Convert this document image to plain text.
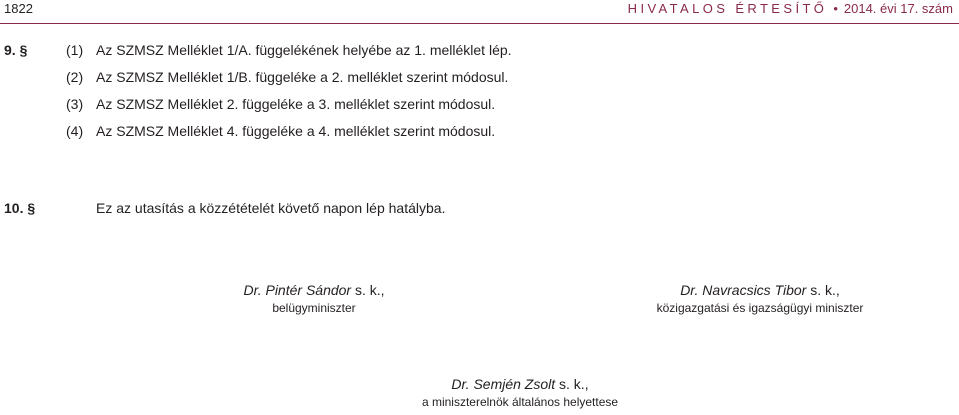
1822	HIVATALOS ÉRTESÍTŐ • 2014. évi 17. szám
9. §	(1) Az SZMSZ Melléklet 1/A. függelékének helyébe az 1. melléklet lép.
(2) Az SZMSZ Melléklet 1/B. függeléke a 2. melléklet szerint módosul.
(3) Az SZMSZ Melléklet 2. függeléke a 3. melléklet szerint módosul.
(4) Az SZMSZ Melléklet 4. függeléke a 4. melléklet szerint módosul.
10. §	Ez az utasítás a közzétételét követő napon lép hatályba.
Dr. Pintér Sándor s. k.,
belügyminiszter
Dr. Navracsics Tibor s. k.,
közigazgatási és igazságügyi miniszter
Dr. Semjén Zsolt s. k.,
a miniszterelnök általános helyettese
